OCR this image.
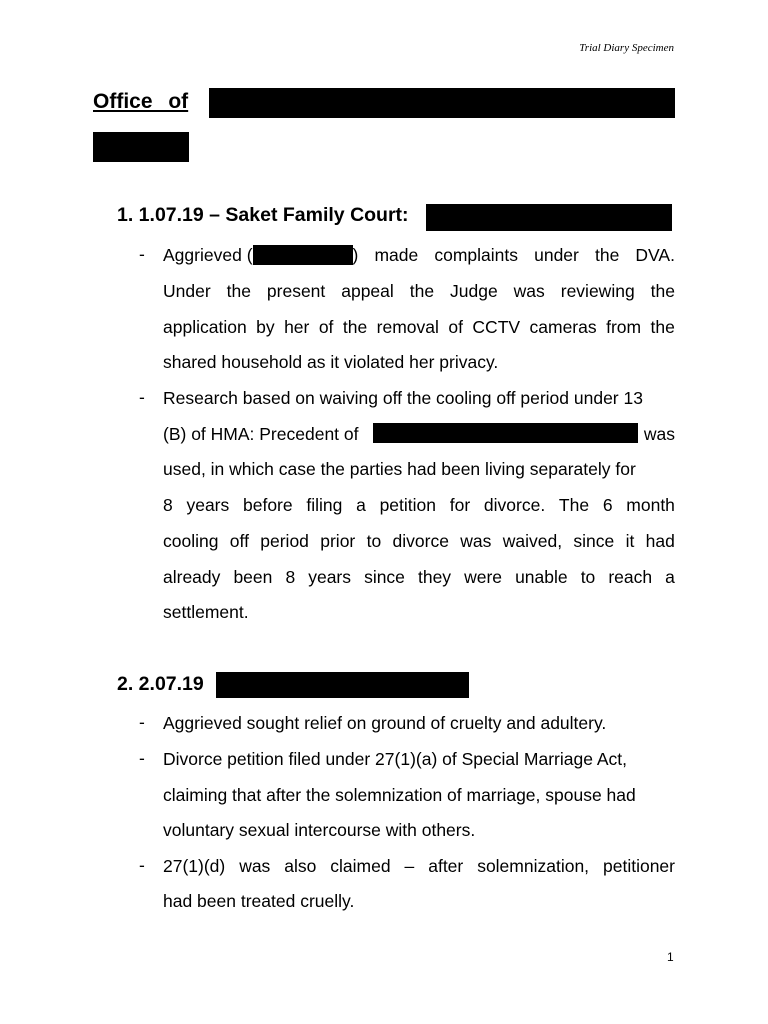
Trial Diary Specimen
Office of
1. 1.07.19 – Saket Family Court:
- Aggrieved (	) made complaints under the DVA.
Under the present appeal the Judge was reviewing the
application by her of the removal of CCTV cameras from the
shared household as it violated her privacy.
- Research based on waiving off the cooling off period under 13
(B) of HMA: Precedent of	was
used, in which case the parties had been living separately for
8 years before filing a petition for divorce. The 6 month
cooling off period prior to divorce was waived, since it had
already been 8 years since they were unable to reach a
settlement.
2. 2.07.19
- Aggrieved sought relief on ground of cruelty and adultery.
- Divorce petition filed under 27(1)(a) of Special Marriage Act,
claiming that after the solemnization of marriage, spouse had
voluntary sexual intercourse with others.
- 27(1)(d) was also claimed – after solemnization, petitioner
had been treated cruelly.
1
